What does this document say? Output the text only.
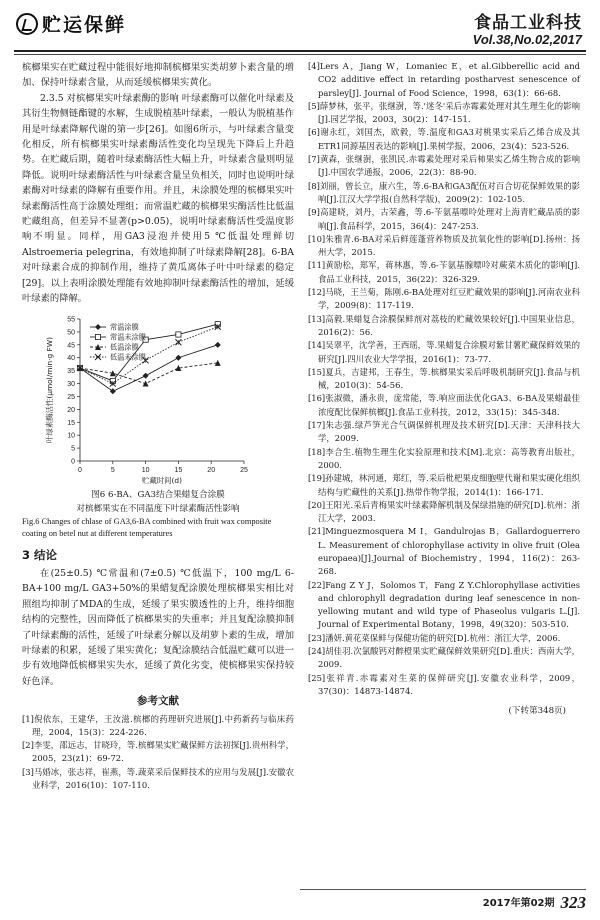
贮运保鲜	食品工业科技
Vol.38,No.02,2017

槟榔果实在贮藏过程中能很好地抑制槟榔果实类胡萝卜素含量的增加、保持叶绿素含量，从而延缓槟榔果实黄化。

2.3.5 对槟榔果实叶绿素酶的影响 叶绿素酶可以催化叶绿素及其衍生物侧链酯键的水解，生成脱植基叶绿素，一般认为脱植基作用是叶绿素降解代谢的第一步[26]。如图6所示，与叶绿素含量变化相反，所有槟榔果实叶绿素酶活性变化均呈现先下降后上升趋势。在贮藏后期，随着叶绿素酶活性大幅上升，叶绿素含量则明显降低。说明叶绿素酶活性与叶绿素含量呈负相关，同时也说明叶绿素酶对叶绿素的降解有重要作用。并且，未涂膜处理的槟榔果实叶绿素酶活性高于涂膜处理组；而常温贮藏的槟榔果实酶活性比低温贮藏组高，但差异不显著(p>0.05)，说明叶绿素酶活性受温度影响不明显。同样，用GA3浸泡并使用5 ℃低温处理鲜切Alstroemeria pelegrina，有效地抑制了叶绿素降解[28]。6-BA对叶绿素合成的抑制作用，维持了黄瓜离体子叶中叶绿素的稳定[29]。以上表明涂膜处理能有效地抑制叶绿素酶活性的增加，延缓叶绿素的降解。

0	5	10	15	20	25
0
5
10
15
20
25
30
35
40
45
50
55
贮藏时间(d)
叶绿素酶活性(μmol/min·g FW)
常温涂膜
常温未涂膜
低温涂膜
低温未涂膜
图6 6-BA、GA3结合果蜡复合涂膜
对槟榔果实在不同温度下叶绿素酶活性影响
Fig.6 Changes of chlase of GA3,6-BA combined with fruit wax composite coating on betel nut at different temperatures
3 结论

在(25±0.5) ℃常温和(7±0.5) ℃低温下，100 mg/L 6-BA+100 mg/L GA3+50%的果蜡复配涂膜处理槟榔果实相比对照组均抑制了MDA的生成，延缓了果实膜透性的上升，维持细胞结构的完整性，因而降低了槟榔果实的失重率；并且复配涂膜抑制了叶绿素酶的活性，延缓了叶绿素分解以及胡萝卜素的生成，增加叶绿素的积累，延缓了果实黄化；复配涂膜结合低温贮藏可以进一步有效地降低槟榔果实失水，延缓了黄化劣变，使槟榔果实保持较好色泽。

参考文献

[1]倪依东，王建华，王汝滋.槟榔的药理研究进展[J].中药新药与临床药理，2004，15(3)：224-226.

[2]李雯，邵远志，甘晓玲，等.槟榔果实贮藏保鲜方法初探[J].贵州科学，2005，23(z1)：69-72.

[3]马婚冰，张志祥，崔燕，等.蔬菜采后保鲜技术的应用与发展[J].安徽农业科学，2016(10)：107-110.

[4]Lers A，Jiang W，Lomaniec E，et al.Gibberellic acid and CO2 additive effect in retarding postharvest senescence of parsley[J]. Journal of Food Science，1998，63(1)：66-68.

[5]薛梦林，张平，张继澍，等.'迷冬'采后赤霉素处理对其生理生化的影响[J].园艺学报，2003，30(2)：147-151.

[6]谢永红，刘国杰，欧毅，等.温度和GA3对桃果实采后乙烯合成及其ETR1同源基因表达的影响[J].果树学报，2006，23(4)：523-526.

[7]黄森，张继澍，张凯民.赤霉素处理对采后柿果实乙烯生物合成的影响[J].中国农学通报，2006，22(3)：88-90.

[8]刘丽，曾长立，康六生，等.6-BA和GA3配伍对百合切花保鲜效果的影响[J].江汉大学学报(自然科学版)，2009(2)：102-105.

[9]高建晓，刘丹，古荣鑫，等.6-苄氨基嘌呤处理对上海青贮藏品质的影响[J].食品科学，2015，36(4)：247-253.

[10]朱雅青.6-BA对采后鲜莲蓬营养物质及抗氧化性的影响[D].扬州：扬州大学，2015.

[11]黄励松，郑军，蒋林惠，等.6-苄氨基腺嘌呤对蕨菜木质化的影响[J].食品工业科技，2015，36(22)：326-329.

[12]马晓，王兰菊，陈刚.6-BA处理对红豆贮藏效果的影响[J].河南农业科学，2009(8)：117-119.

[13]高毅.果蜡复合涂膜保鲜剂对荔枝的贮藏效果较好[J].中国果业信息，2016(2)：56.

[14]吴翠平，沈学善，王西瑶，等.果蜡复合涂膜对紫甘薯贮藏保鲜效果的研究[J].四川农业大学学报，2016(1)：73-77.

[15]夏兵，吉建邦，王春生，等.槟榔果实采后呼吸机制研究[J].食品与机械，2010(3)：54-56.

[16]张淑微，潘永贵，庞常能，等.响应面法优化GA3、6-BA及果蜡最佳浓度配比保鲜槟榔[J].食品工业科技，2012，33(15)：345-348.

[17]朱志强.绿芦笋光合气调保鲜机理及技术研究[D].天津：天津科技大学，2009.

[18]李合生.植物生理生化实验原理和技术[M].北京：高等教育出版社，2000.

[19]孙建城，林河通，郑红，等.采后枇杷果皮细胞壁代谢和果实硬化组织结构与贮藏性的关系[J].热带作物学报，2014(1)：166-171.

[20]王阳光.采后青梅果实叶绿素降解机制及保绿措施的研究[D].杭州：浙江大学，2003.

[21]Minguezmosquera M I，Gandulrojas B，Gallardoguerrero L. Measurement of chlorophyllase activity in olive fruit (Olea europaea)[J].Journal of Biochemistry，1994，116(2)：263-268.

[22]Fang Z Y J，Solomos T，Fang Z Y.Chlorophyllase activities and chlorophyll degradation during leaf senescence in non-yellowing mutant and wild type of Phaseolus vulgaris L.[J]. Journal of Experimental Botany，1998，49(320)：503-510.

[23]潘妍.黄花菜保鲜与保健功能的研究[D].杭州：浙江大学，2006.

[24]胡佳羽.次氯酸钙对醉橙果实贮藏保鲜效果研究[D].重庆：西南大学，2009.

[25]张祥青.赤霉素对生菜的保鲜研究[J].安徽农业科学，2009，37(30)：14873-14874.

(下转第348页)
2017年第02期 323
